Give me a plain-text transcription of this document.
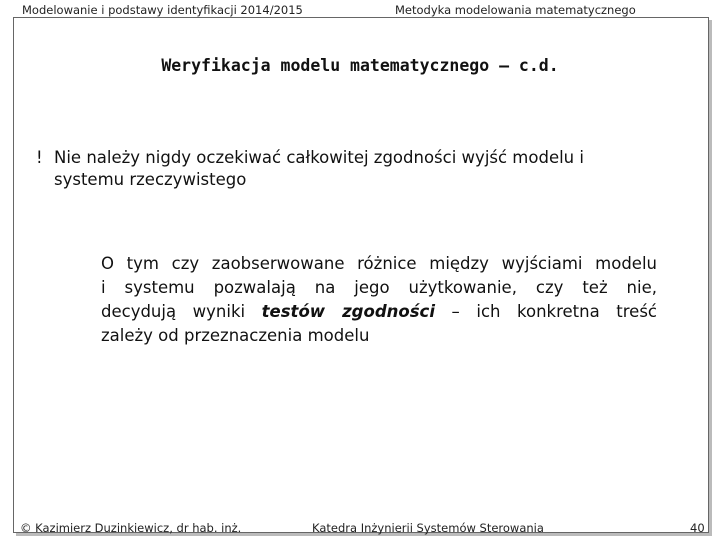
Modelowanie i podstawy identyfikacji 2014/2015	Metodyka modelowania matematycznego
Weryfikacja modelu matematycznego – c.d.
! Nie należy nigdy oczekiwać całkowitej zgodności wyjść modelu i
systemu rzeczywistego
O tym czy zaobserwowane różnice między wyjściami modelu
i systemu pozwalają na jego użytkowanie, czy też nie,
decydują wyniki testów zgodności – ich konkretna treść
zależy od przeznaczenia modelu
© Kazimierz Duzinkiewicz, dr hab. inż.	Katedra Inżynierii Systemów Sterowania	40
